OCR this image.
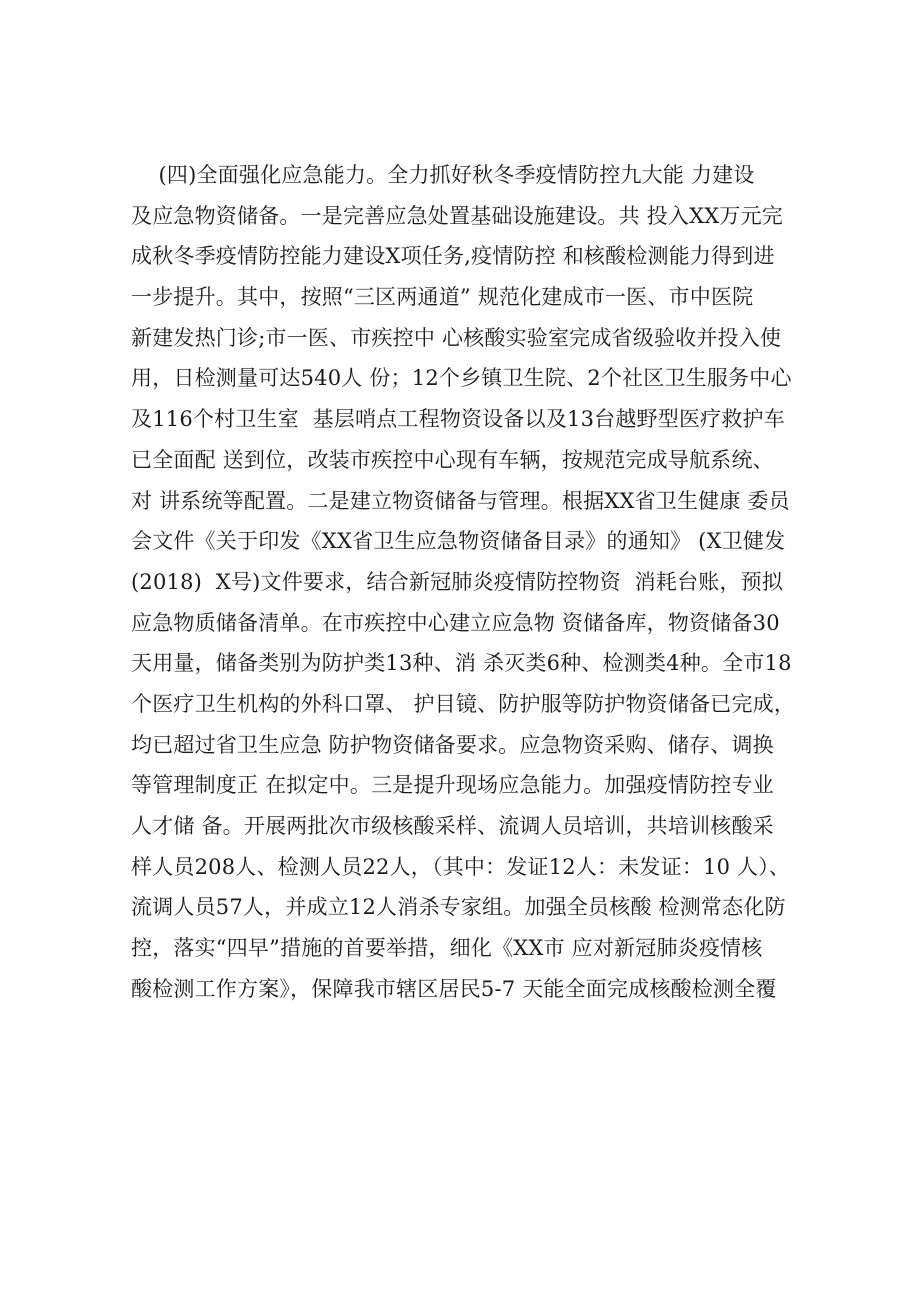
(四)全面强化应急能力。全力抓好秋冬季疫情防控九大能 力建设
及应急物资储备。一是完善应急处置基础设施建设。共 投入XX万元完
成秋冬季疫情防控能力建设X项任务,疫情防控 和核酸检测能力得到进
一步提升。其中，按照“三区两通道” 规范化建成市一医、市中医院
新建发热门诊;市一医、市疾控中 心核酸实验室完成省级验收并投入使
用，日检测量可达540人 份；12个乡镇卫生院、2个社区卫生服务中心
及116个村卫生室  基层哨点工程物资设备以及13台越野型医疗救护车
已全面配 送到位，改装市疾控中心现有车辆，按规范完成导航系统、
对 讲系统等配置。二是建立物资储备与管理。根据XX省卫生健康 委员
会文件《关于印发《XX省卫生应急物资储备目录》的通知》 (X卫健发
(2018)  X号)文件要求，结合新冠肺炎疫情防控物资  消耗台账，预拟
应急物质储备清单。在市疾控中心建立应急物 资储备库，物资储备30
天用量，储备类别为防护类13种、消 杀灭类6种、检测类4种。全市18
个医疗卫生机构的外科口罩、 护目镜、防护服等防护物资储备已完成，
均已超过省卫生应急 防护物资储备要求。应急物资采购、储存、调换
等管理制度正 在拟定中。三是提升现场应急能力。加强疫情防控专业
人才储 备。开展两批次市级核酸采样、流调人员培训，共培训核酸采
样人员208人、检测人员22人，（其中：发证12人：未发证：10 人）、
流调人员57人，并成立12人消杀专家组。加强全员核酸 检测常态化防
控，落实“四早”措施的首要举措，细化《XX市 应对新冠肺炎疫情核
酸检测工作方案》，保障我市辖区居民5-7 天能全面完成核酸检测全覆
